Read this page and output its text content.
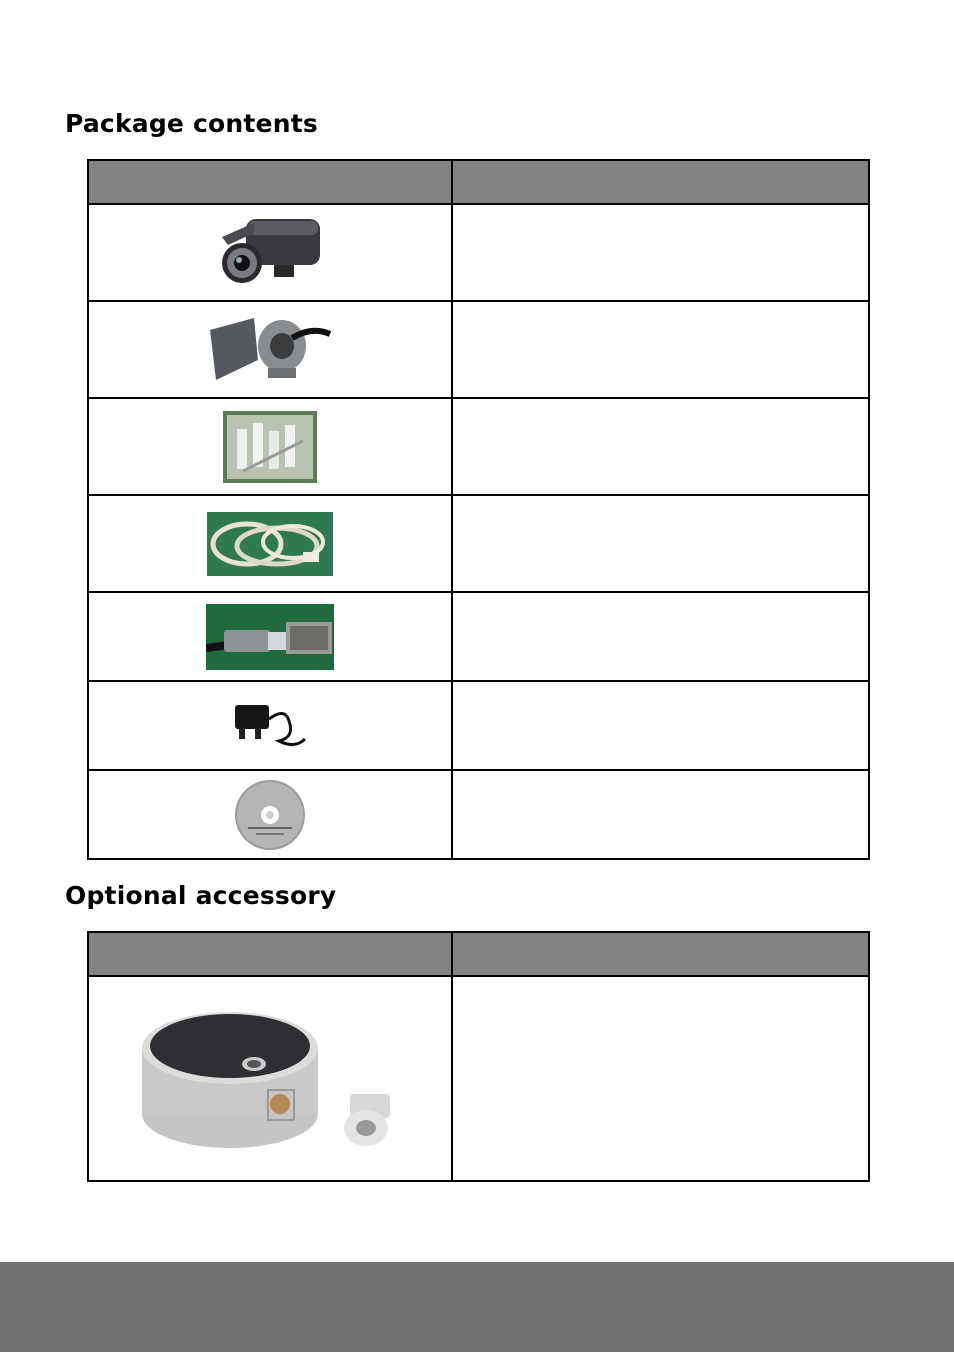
Package contents

Optional accessory
